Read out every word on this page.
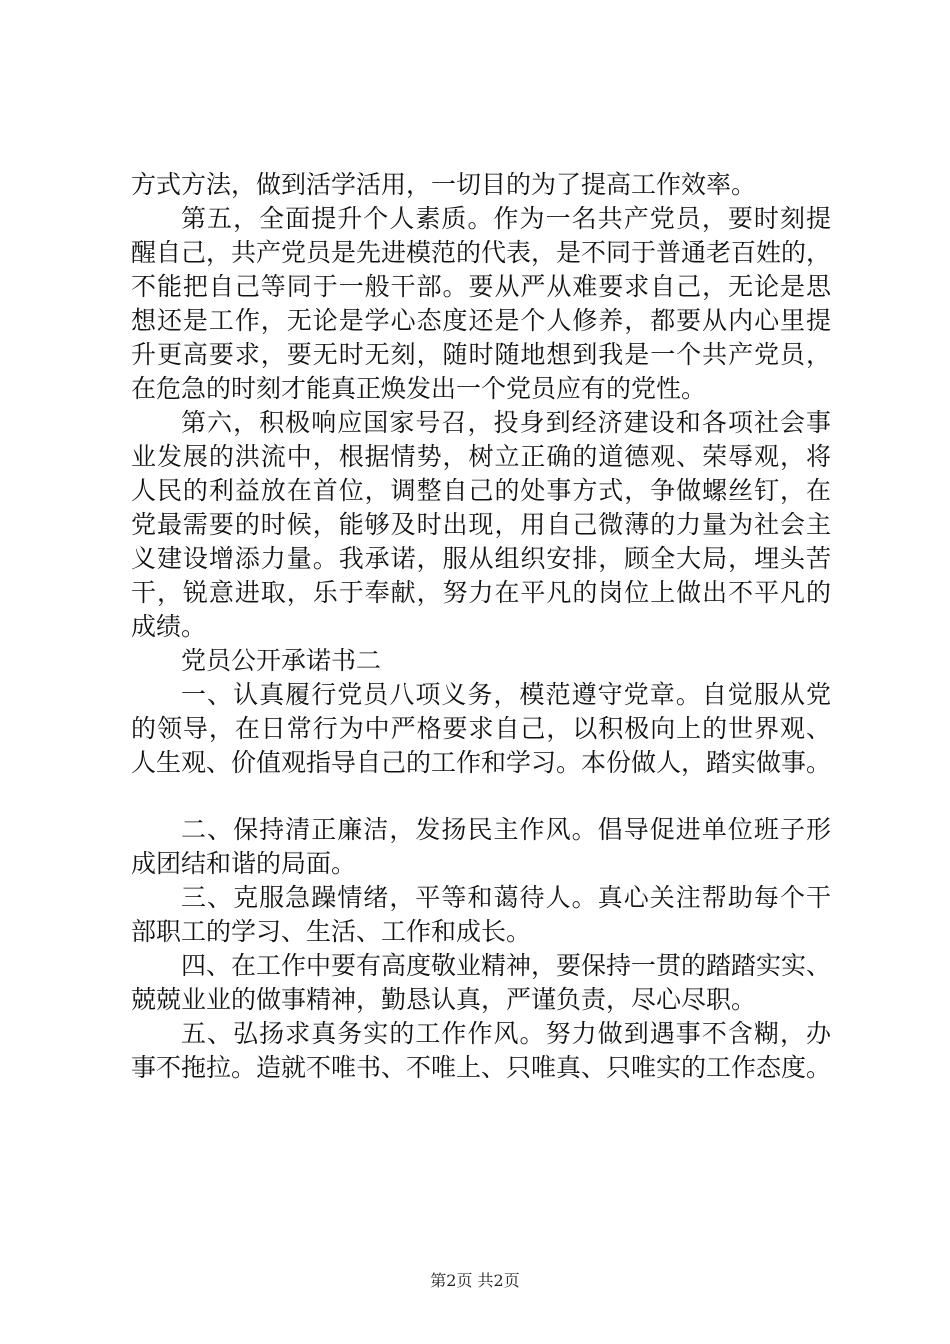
方式方法，做到活学活用，一切目的为了提高工作效率。
第五，全面提升个人素质。作为一名共产党员，要时刻提
醒自己，共产党员是先进模范的代表，是不同于普通老百姓的，
不能把自己等同于一般干部。要从严从难要求自己，无论是思
想还是工作，无论是学心态度还是个人修养，都要从内心里提
升更高要求，要无时无刻，随时随地想到我是一个共产党员，
在危急的时刻才能真正焕发出一个党员应有的党性。
第六，积极响应国家号召，投身到经济建设和各项社会事
业发展的洪流中，根据情势，树立正确的道德观、荣辱观，将
人民的利益放在首位，调整自己的处事方式，争做螺丝钉，在
党最需要的时候，能够及时出现，用自己微薄的力量为社会主
义建设增添力量。我承诺，服从组织安排，顾全大局，埋头苦
干，锐意进取，乐于奉献，努力在平凡的岗位上做出不平凡的
成绩。
党员公开承诺书二
一、认真履行党员八项义务，模范遵守党章。自觉服从党
的领导，在日常行为中严格要求自己，以积极向上的世界观、
人生观、价值观指导自己的工作和学习。本份做人，踏实做事。
二、保持清正廉洁，发扬民主作风。倡导促进单位班子形
成团结和谐的局面。
三、克服急躁情绪，平等和蔼待人。真心关注帮助每个干
部职工的学习、生活、工作和成长。
四、在工作中要有高度敬业精神，要保持一贯的踏踏实实、
兢兢业业的做事精神，勤恳认真，严谨负责，尽心尽职。
五、弘扬求真务实的工作作风。努力做到遇事不含糊，办
事不拖拉。造就不唯书、不唯上、只唯真、只唯实的工作态度。
第2页 共2页
